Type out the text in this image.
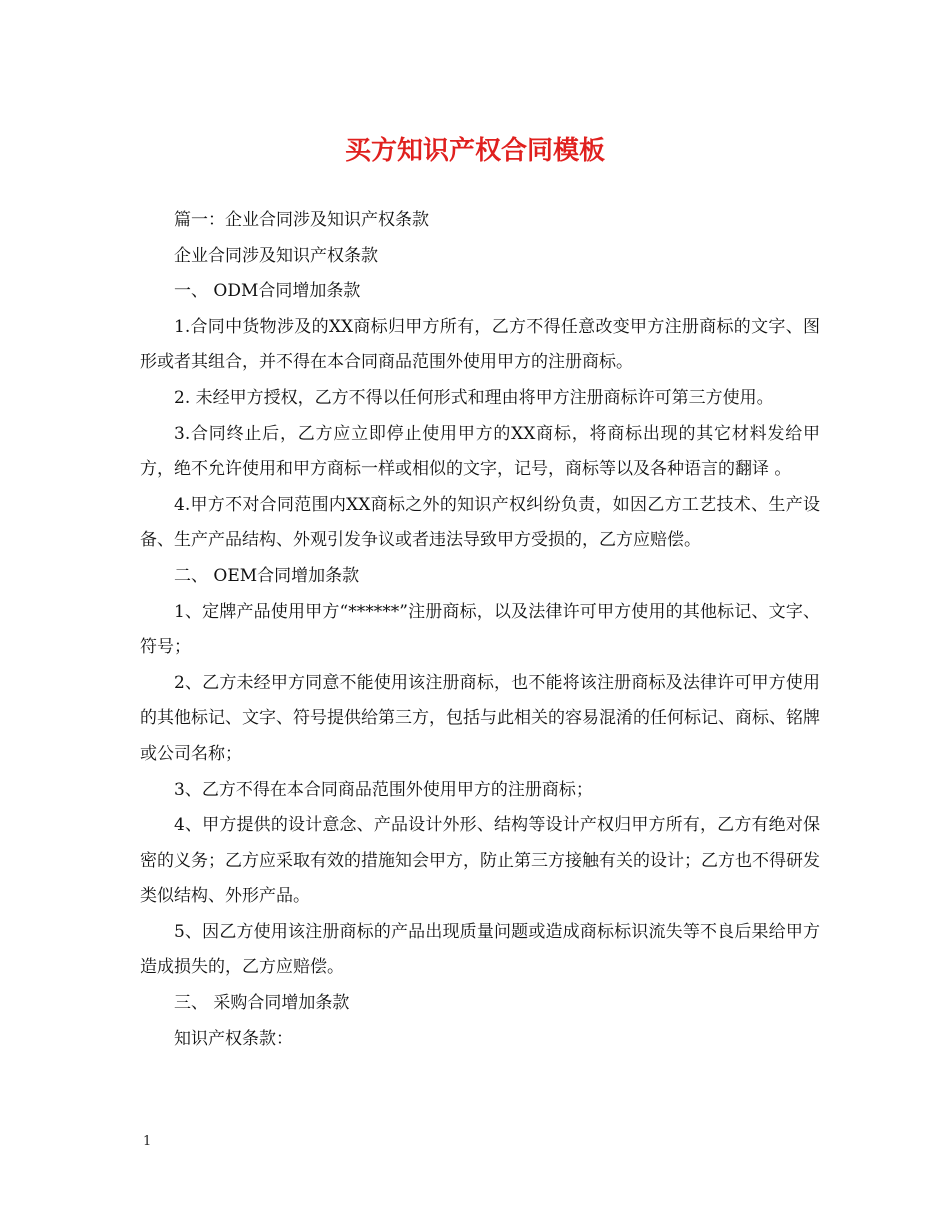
买方知识产权合同模板

篇一：企业合同涉及知识产权条款

企业合同涉及知识产权条款

一、 ODM合同增加条款

1.合同中货物涉及的XX商标归甲方所有，乙方不得任意改变甲方注册商标的文字、图形或者其组合，并不得在本合同商品范围外使用甲方的注册商标。

2. 未经甲方授权，乙方不得以任何形式和理由将甲方注册商标许可第三方使用。

3.合同终止后，乙方应立即停止使用甲方的XX商标，将商标出现的其它材料发给甲方，绝不允许使用和甲方商标一样或相似的文字，记号，商标等以及各种语言的翻译 。

4.甲方不对合同范围内XX商标之外的知识产权纠纷负责，如因乙方工艺技术、生产设备、生产产品结构、外观引发争议或者违法导致甲方受损的，乙方应赔偿。

二、 OEM合同增加条款

1、定牌产品使用甲方“******”注册商标，以及法律许可甲方使用的其他标记、文字、符号；

2、乙方未经甲方同意不能使用该注册商标，也不能将该注册商标及法律许可甲方使用的其他标记、文字、符号提供给第三方，包括与此相关的容易混淆的任何标记、商标、铭牌或公司名称；

3、乙方不得在本合同商品范围外使用甲方的注册商标；

4、甲方提供的设计意念、产品设计外形、结构等设计产权归甲方所有，乙方有绝对保密的义务；乙方应采取有效的措施知会甲方，防止第三方接触有关的设计；乙方也不得研发类似结构、外形产品。

5、因乙方使用该注册商标的产品出现质量问题或造成商标标识流失等不良后果给甲方造成损失的，乙方应赔偿。

三、 采购合同增加条款

知识产权条款：

1
